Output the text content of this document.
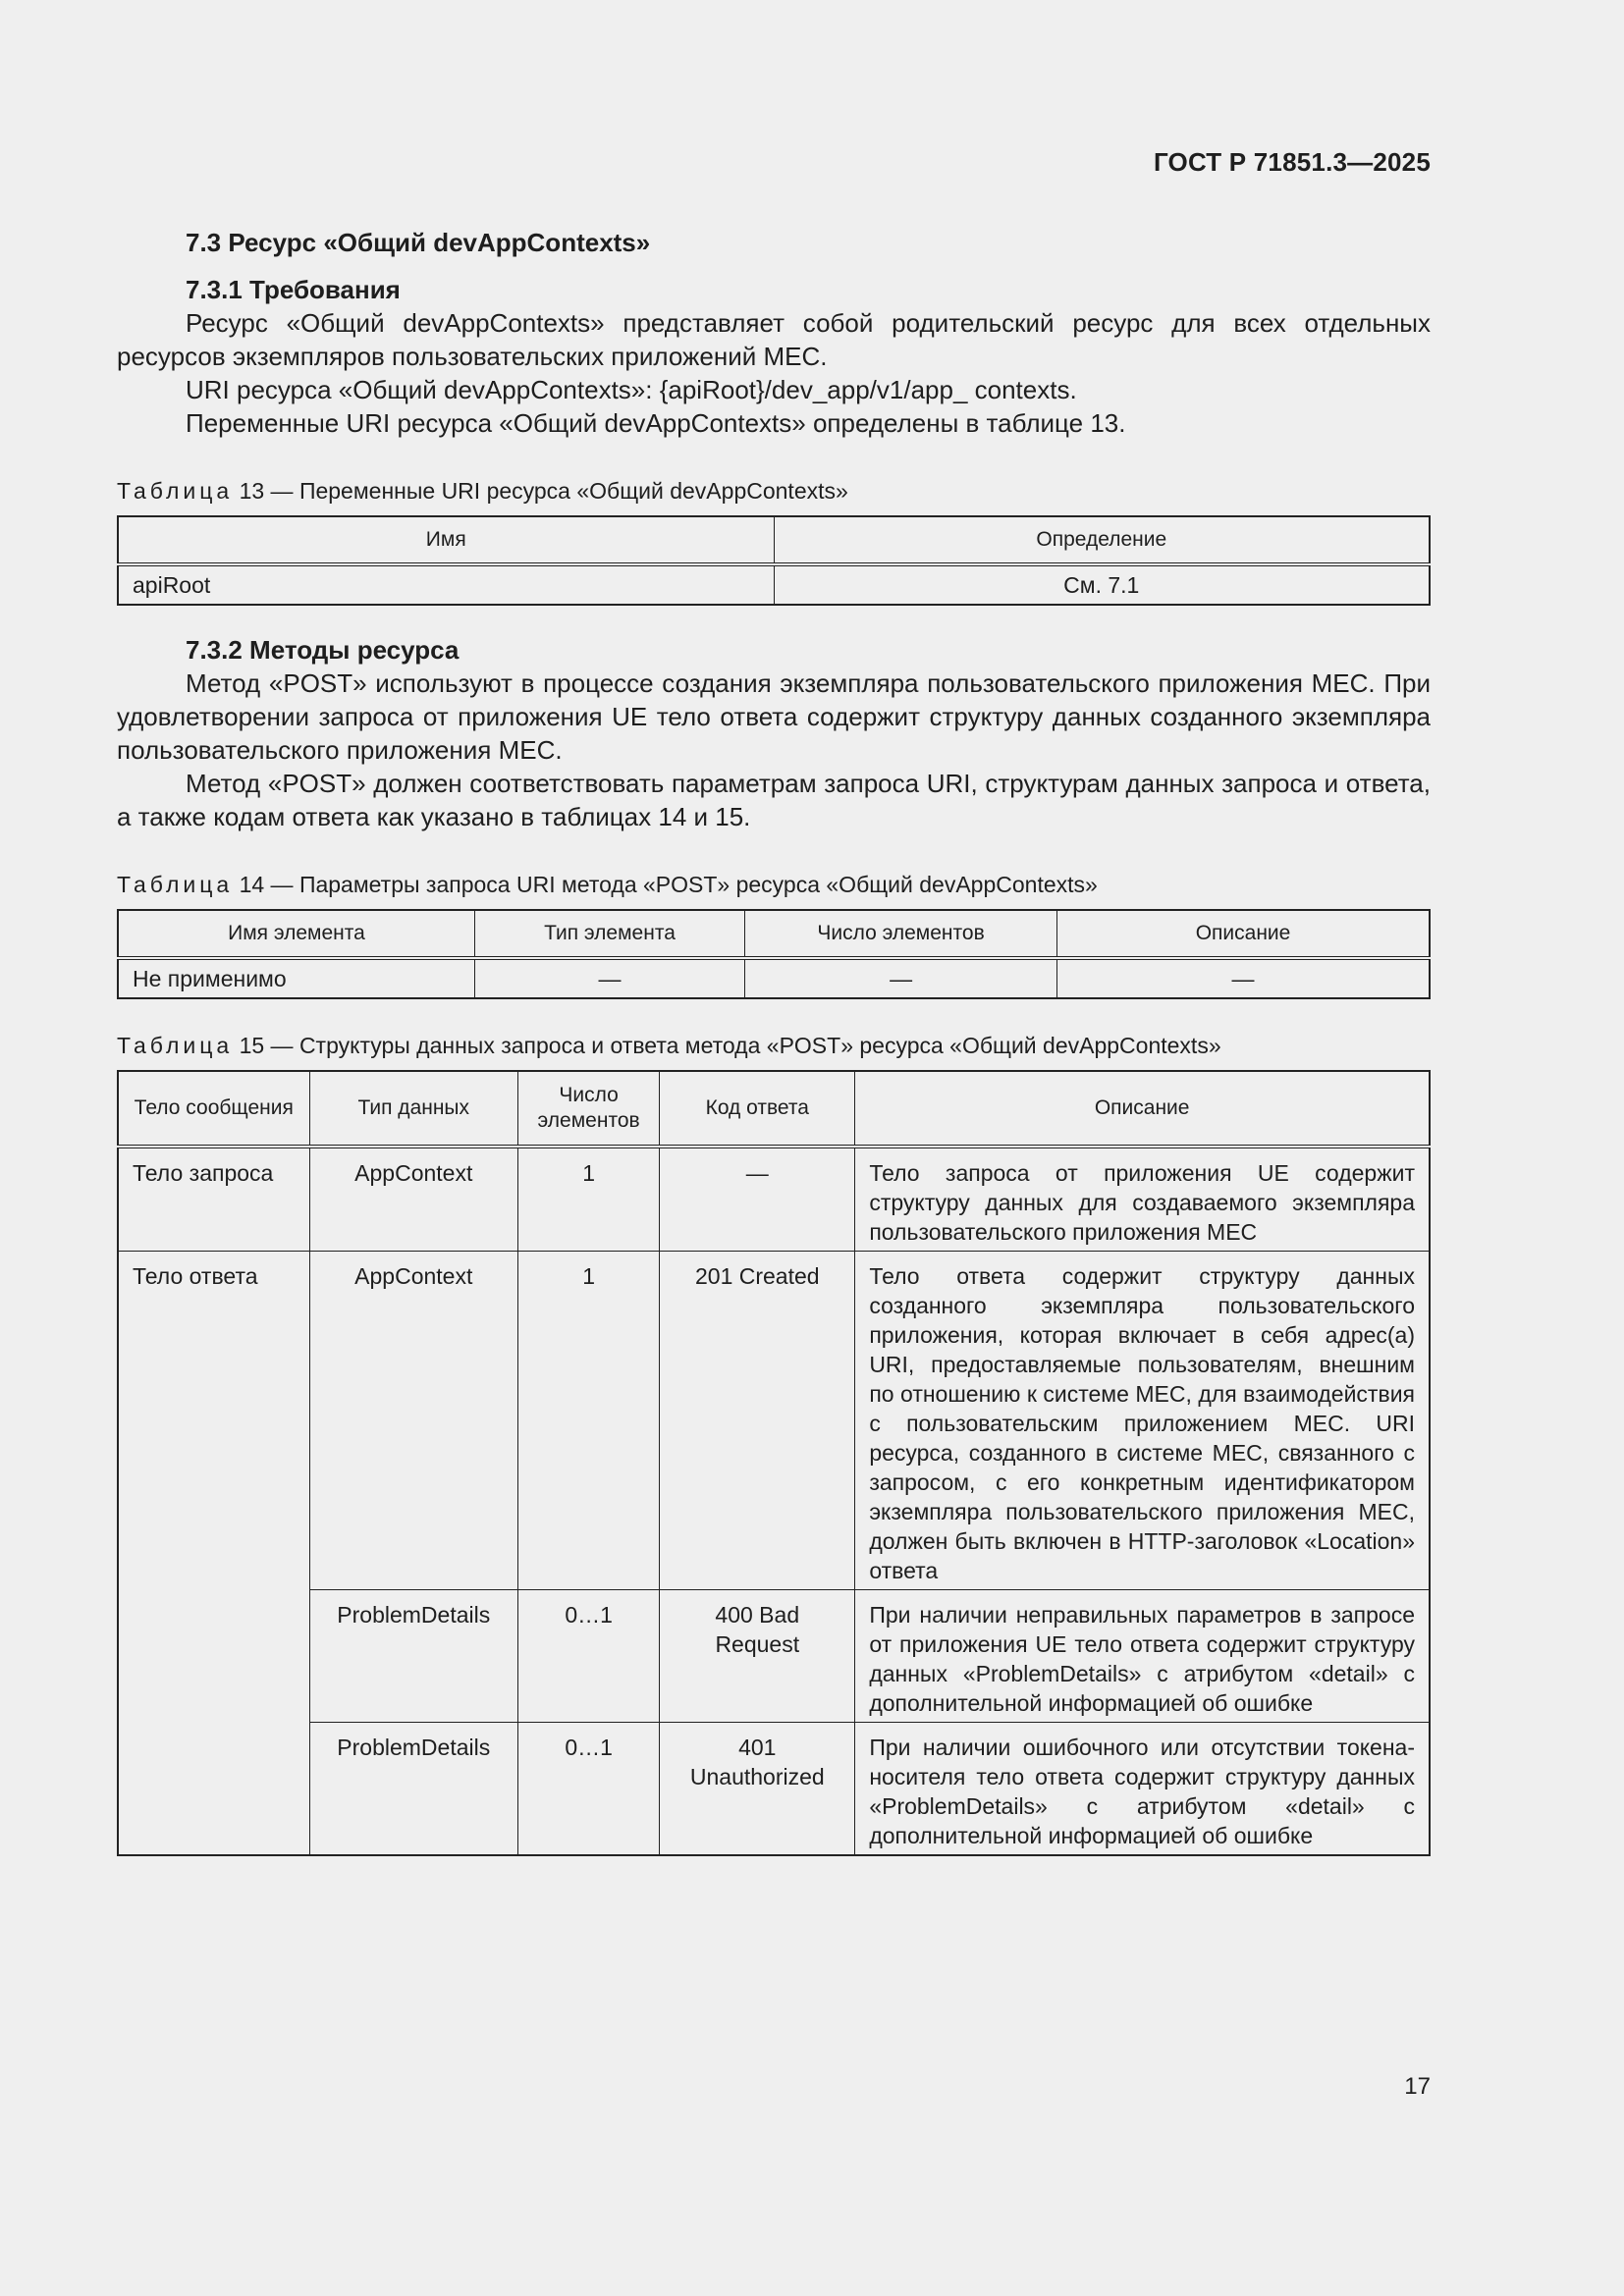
ГОСТ Р 71851.3—2025
7.3 Ресурс «Общий devAppContexts»
7.3.1 Требования

Ресурс «Общий devAppContexts» представляет собой родительский ресурс для всех отдельных ресурсов экземпляров пользовательских приложений МЕС.

URI ресурса «Общий devAppContexts»: {apiRoot}/dev_app/v1/app_ contexts.

Переменные URI ресурса «Общий devAppContexts» определены в таблице 13.

Таблица 13 — Переменные URI ресурса «Общий devAppContexts»

Имя	Определение
apiRoot	См. 7.1
7.3.2 Методы ресурса

Метод «POST» используют в процессе создания экземпляра пользовательского приложения МЕС. При удовлетворении запроса от приложения UE тело ответа содержит структуру данных созданного экземпляра пользовательского приложения МЕС.

Метод «POST» должен соответствовать параметрам запроса URI, структурам данных запроса и ответа, а также кодам ответа как указано в таблицах 14 и 15.

Таблица 14 — Параметры запроса URI метода «POST» ресурса «Общий devAppContexts»

Имя элемента	Тип элемента	Число элементов	Описание
Не применимо	—	—	—

Таблица 15 — Структуры данных запроса и ответа метода «POST» ресурса «Общий devAppContexts»

Тело сообщения	Тип данных	Число элементов	Код ответа	Описание
Тело запроса	AppContext	1	—	Тело запроса от приложения UE содержит структуру данных для создаваемого экземпляра пользовательского приложения МЕС
Тело ответа	AppContext	1	201 Created	Тело ответа содержит структуру данных созданного экземпляра пользовательского приложения, которая включает в себя адрес(а) URI, предоставляемые пользователям, внешним по отношению к системе МЕС, для взаимодействия с пользовательским приложением МЕС. URI ресурса, созданного в системе МЕС, связанного с запросом, с его конкретным идентификатором экземпляра пользовательского приложения МЕС, должен быть включен в HTTP-заголовок «Location» ответа
	ProblemDetails	0…1	400 Bad Request	При наличии неправильных параметров в запросе от приложения UE тело ответа содержит структуру данных «ProblemDetails» с атрибутом «detail» с дополнительной информацией об ошибке
	ProblemDetails	0…1	401 Unauthorized	При наличии ошибочного или отсутствии токена-носителя тело ответа содержит структуру данных «ProblemDetails» с атрибутом «detail» с дополнительной информацией об ошибке
17
